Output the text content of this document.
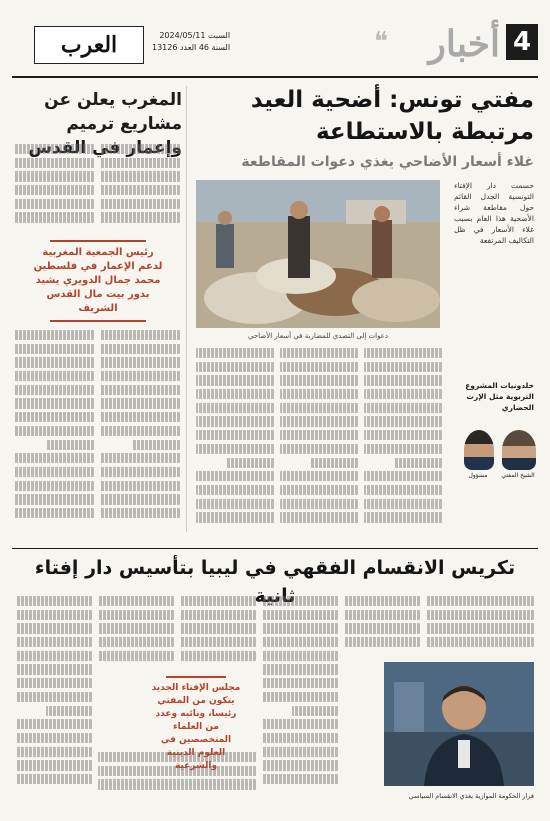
4
أخبار
❝
العرب	السبت 2024/05/11
السنة 46 العدد 13126
مفتي تونس: أضحية العيد مرتبطة بالاستطاعة
غلاء أسعار الأضاحي يغذي دعوات المقاطعة
حسمت دار الإفتاء التونسية الجدل القائم حول مقاطعة شراء الأضحية هذا العام بسبب غلاء الأسعار في ظل التكاليف المرتفعة
دعوات إلى التصدي للمضاربة في أسعار الأضاحي
المغرب يعلن عن مشاريع ترميم وإعمار في القدس
رئيس الجمعية المغربية لدعم الإعمار في فلسطين محمد جمال الدويري يشيد بدور بيت مال القدس الشريف
خلدونيات المشروع التربوية مثل الإرث الحضاري
الشيخ المفتي
مسؤول
تكريس الانقسام الفقهي في ليبيا بتأسيس دار إفتاء ثانية
مجلس الإفتاء الجديد
يتكون من المفتي رئيسا، ونائبه وعدد من العلماء المتخصصين في العلوم الدينية والشرعية
قرار الحكومة الموازية يغذي الانقسام السياسي
